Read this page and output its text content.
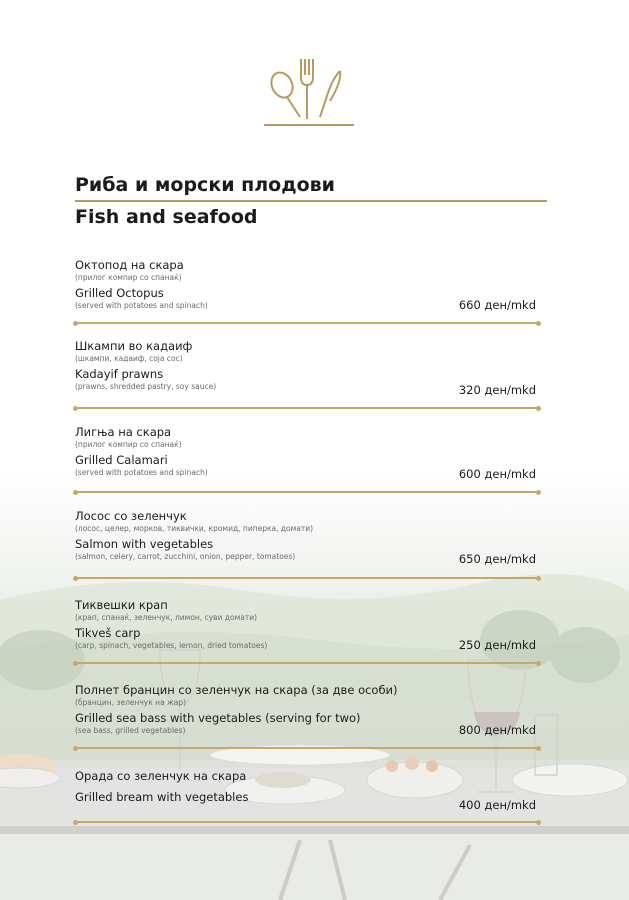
Риба и морски плодови
Fish and seafood
Октопод на скара
(прилог компир со спанаќ)
Grilled Octopus
(served with potatoes and spinach)	660 ден/mkd
Шкампи во кадаиф
(шкампи, кадаиф, соја сос)
Kadayif prawns
(prawns, shredded pastry, soy sauce)	320 ден/mkd
Лигња на скара
(прилог компир со спанаќ)
Grilled Calamari
(served with potatoes and spinach)	600 ден/mkd
Лосос со зеленчук
(лосос, целер, морков, тиквички, кромид, пиперка, домати)
Salmon with vegetables
(salmon, celery, carrot, zucchini, onion, pepper, tomatoes)	650 ден/mkd
Тиквешки крап
(крап, спанаќ, зеленчук, лимон, суви домати)
Tikveš carp
(carp, spinach, vegetables, lemon, dried tomatoes)	250 ден/mkd
Полнет бранцин со зеленчук на скара (за две особи)
(бранцин, зеленчук на жар)
Grilled sea bass with vegetables (serving for two)
(sea bass, grilled vegetables)	800 ден/mkd
Орада со зеленчук на скара
Grilled bream with vegetables
400 ден/mkd
